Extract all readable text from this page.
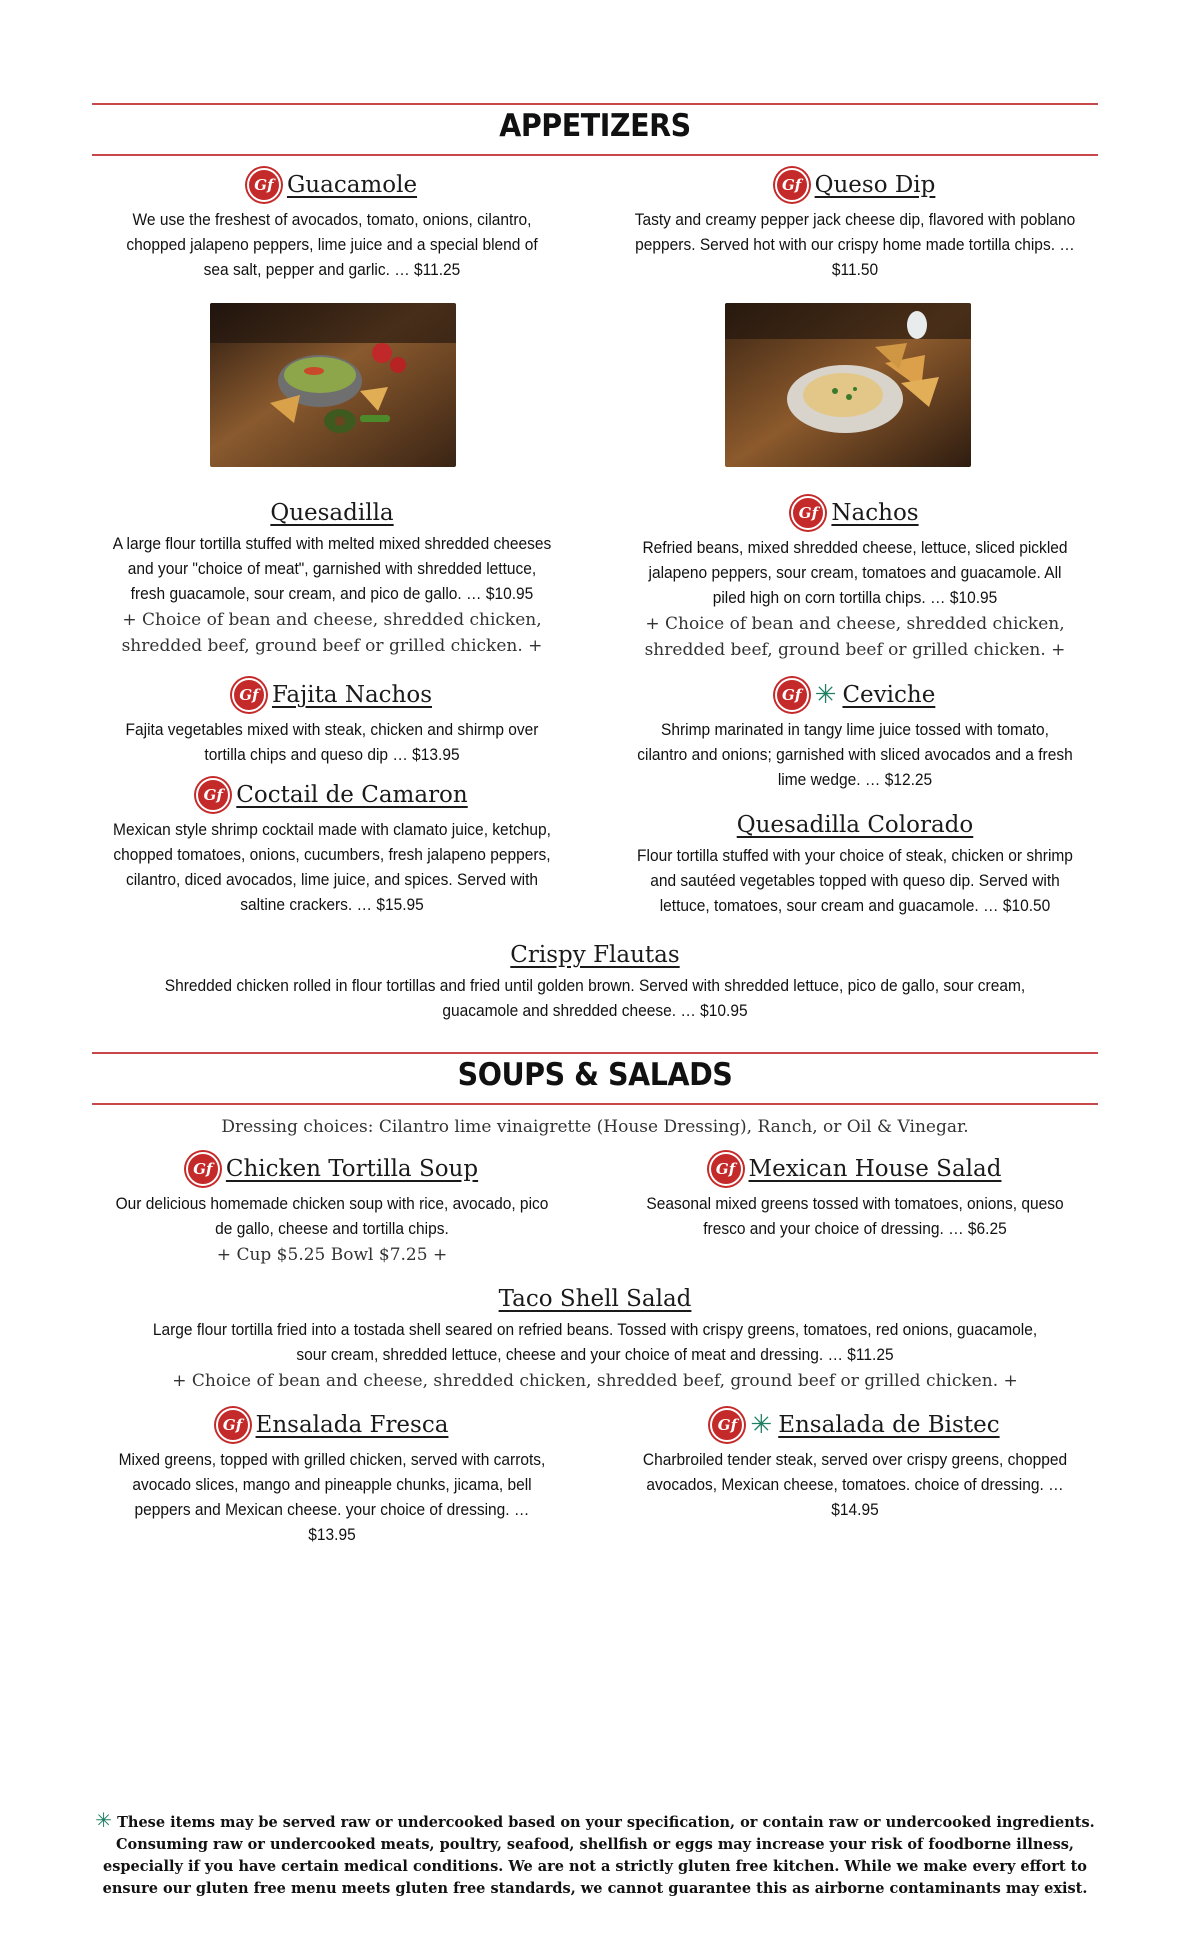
APPETIZERS
Gf Guacamole
We use the freshest of avocados, tomato, onions, cilantro, chopped jalapeno peppers, lime juice and a special blend of sea salt, pepper and garlic. … $11.25
Gf Queso Dip
Tasty and creamy pepper jack cheese dip, flavored with poblano peppers. Served hot with our crispy home made tortilla chips. … $11.50
Quesadilla
A large flour tortilla stuffed with melted mixed shredded cheeses and your "choice of meat", garnished with shredded lettuce, fresh guacamole, sour cream, and pico de gallo. … $10.95
+ Choice of bean and cheese, shredded chicken, shredded beef, ground beef or grilled chicken. +
Gf Nachos
Refried beans, mixed shredded cheese, lettuce, sliced pickled jalapeno peppers, sour cream, tomatoes and guacamole. All piled high on corn tortilla chips. … $10.95
+ Choice of bean and cheese, shredded chicken, shredded beef, ground beef or grilled chicken. +
Gf Fajita Nachos
Fajita vegetables mixed with steak, chicken and shirmp over tortilla chips and queso dip … $13.95
Gf ✳ Ceviche
Shrimp marinated in tangy lime juice tossed with tomato, cilantro and onions; garnished with sliced avocados and a fresh lime wedge. … $12.25
Gf Coctail de Camaron
Mexican style shrimp cocktail made with clamato juice, ketchup, chopped tomatoes, onions, cucumbers, fresh jalapeno peppers, cilantro, diced avocados, lime juice, and spices. Served with saltine crackers. … $15.95
Quesadilla Colorado
Flour tortilla stuffed with your choice of steak, chicken or shrimp and sautéed vegetables topped with queso dip. Served with lettuce, tomatoes, sour cream and guacamole. … $10.50
Crispy Flautas
Shredded chicken rolled in flour tortillas and fried until golden brown. Served with shredded lettuce, pico de gallo, sour cream, guacamole and shredded cheese. … $10.95
SOUPS & SALADS
Dressing choices: Cilantro lime vinaigrette (House Dressing), Ranch, or Oil & Vinegar.
Gf Chicken Tortilla Soup
Our delicious homemade chicken soup with rice, avocado, pico de gallo, cheese and tortilla chips.
+ Cup $5.25 Bowl $7.25 +
Gf Mexican House Salad
Seasonal mixed greens tossed with tomatoes, onions, queso fresco and your choice of dressing. … $6.25
Taco Shell Salad
Large flour tortilla fried into a tostada shell seared on refried beans. Tossed with crispy greens, tomatoes, red onions, guacamole, sour cream, shredded lettuce, cheese and your choice of meat and dressing. … $11.25
+ Choice of bean and cheese, shredded chicken, shredded beef, ground beef or grilled chicken. +
Gf Ensalada Fresca
Mixed greens, topped with grilled chicken, served with carrots, avocado slices, mango and pineapple chunks, jicama, bell peppers and Mexican cheese. your choice of dressing. … $13.95
Gf ✳ Ensalada de Bistec
Charbroiled tender steak, served over crispy greens, chopped avocados, Mexican cheese, tomatoes. choice of dressing. … $14.95
✳ These items may be served raw or undercooked based on your specification, or contain raw or undercooked ingredients. Consuming raw or undercooked meats, poultry, seafood, shellfish or eggs may increase your risk of foodborne illness, especially if you have certain medical conditions. We are not a strictly gluten free kitchen. While we make every effort to ensure our gluten free menu meets gluten free standards, we cannot guarantee this as airborne contaminants may exist.
